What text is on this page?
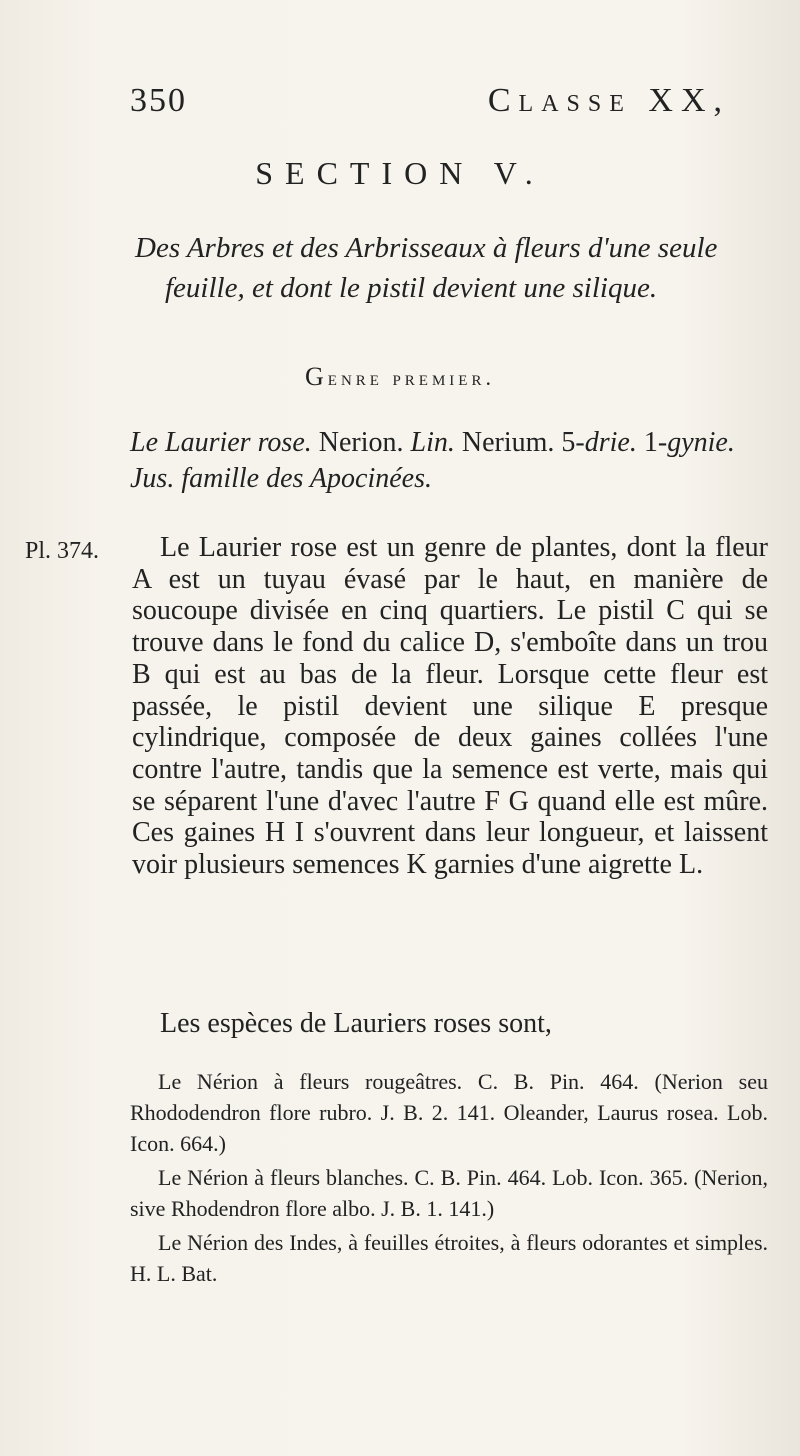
350	Classe XX,
SECTION V.
Des Arbres et des Arbrisseaux à fleurs d'une seule feuille, et dont le pistil devient une silique.
Genre premier.
Le Laurier rose. Nerion. Lin. Nerium. 5-drie. 1-gynie. Jus. famille des Apocinées.
Pl. 374.	Le Laurier rose est un genre de plantes, dont la fleur A est un tuyau évasé par le haut, en manière de soucoupe divisée en cinq quartiers. Le pistil C qui se trouve dans le fond du calice D, s'emboîte dans un trou B qui est au bas de la fleur. Lorsque cette fleur est passée, le pistil devient une silique E presque cylindrique, composée de deux gaines collées l'une contre l'autre, tandis que la semence est verte, mais qui se séparent l'une d'avec l'autre F G quand elle est mûre. Ces gaines H I s'ouvrent dans leur longueur, et laissent voir plusieurs semences K garnies d'une aigrette L.

Les espèces de Lauriers roses sont,

Le Nérion à fleurs rougeâtres. C. B. Pin. 464. (Nerion seu Rhododendron flore rubro. J. B. 2. 141. Oleander, Laurus rosea. Lob. Icon. 664.)

Le Nérion à fleurs blanches. C. B. Pin. 464. Lob. Icon. 365. (Nerion, sive Rhodendron flore albo. J. B. 1. 141.)

Le Nérion des Indes, à feuilles étroites, à fleurs odorantes et simples. H. L. Bat.
